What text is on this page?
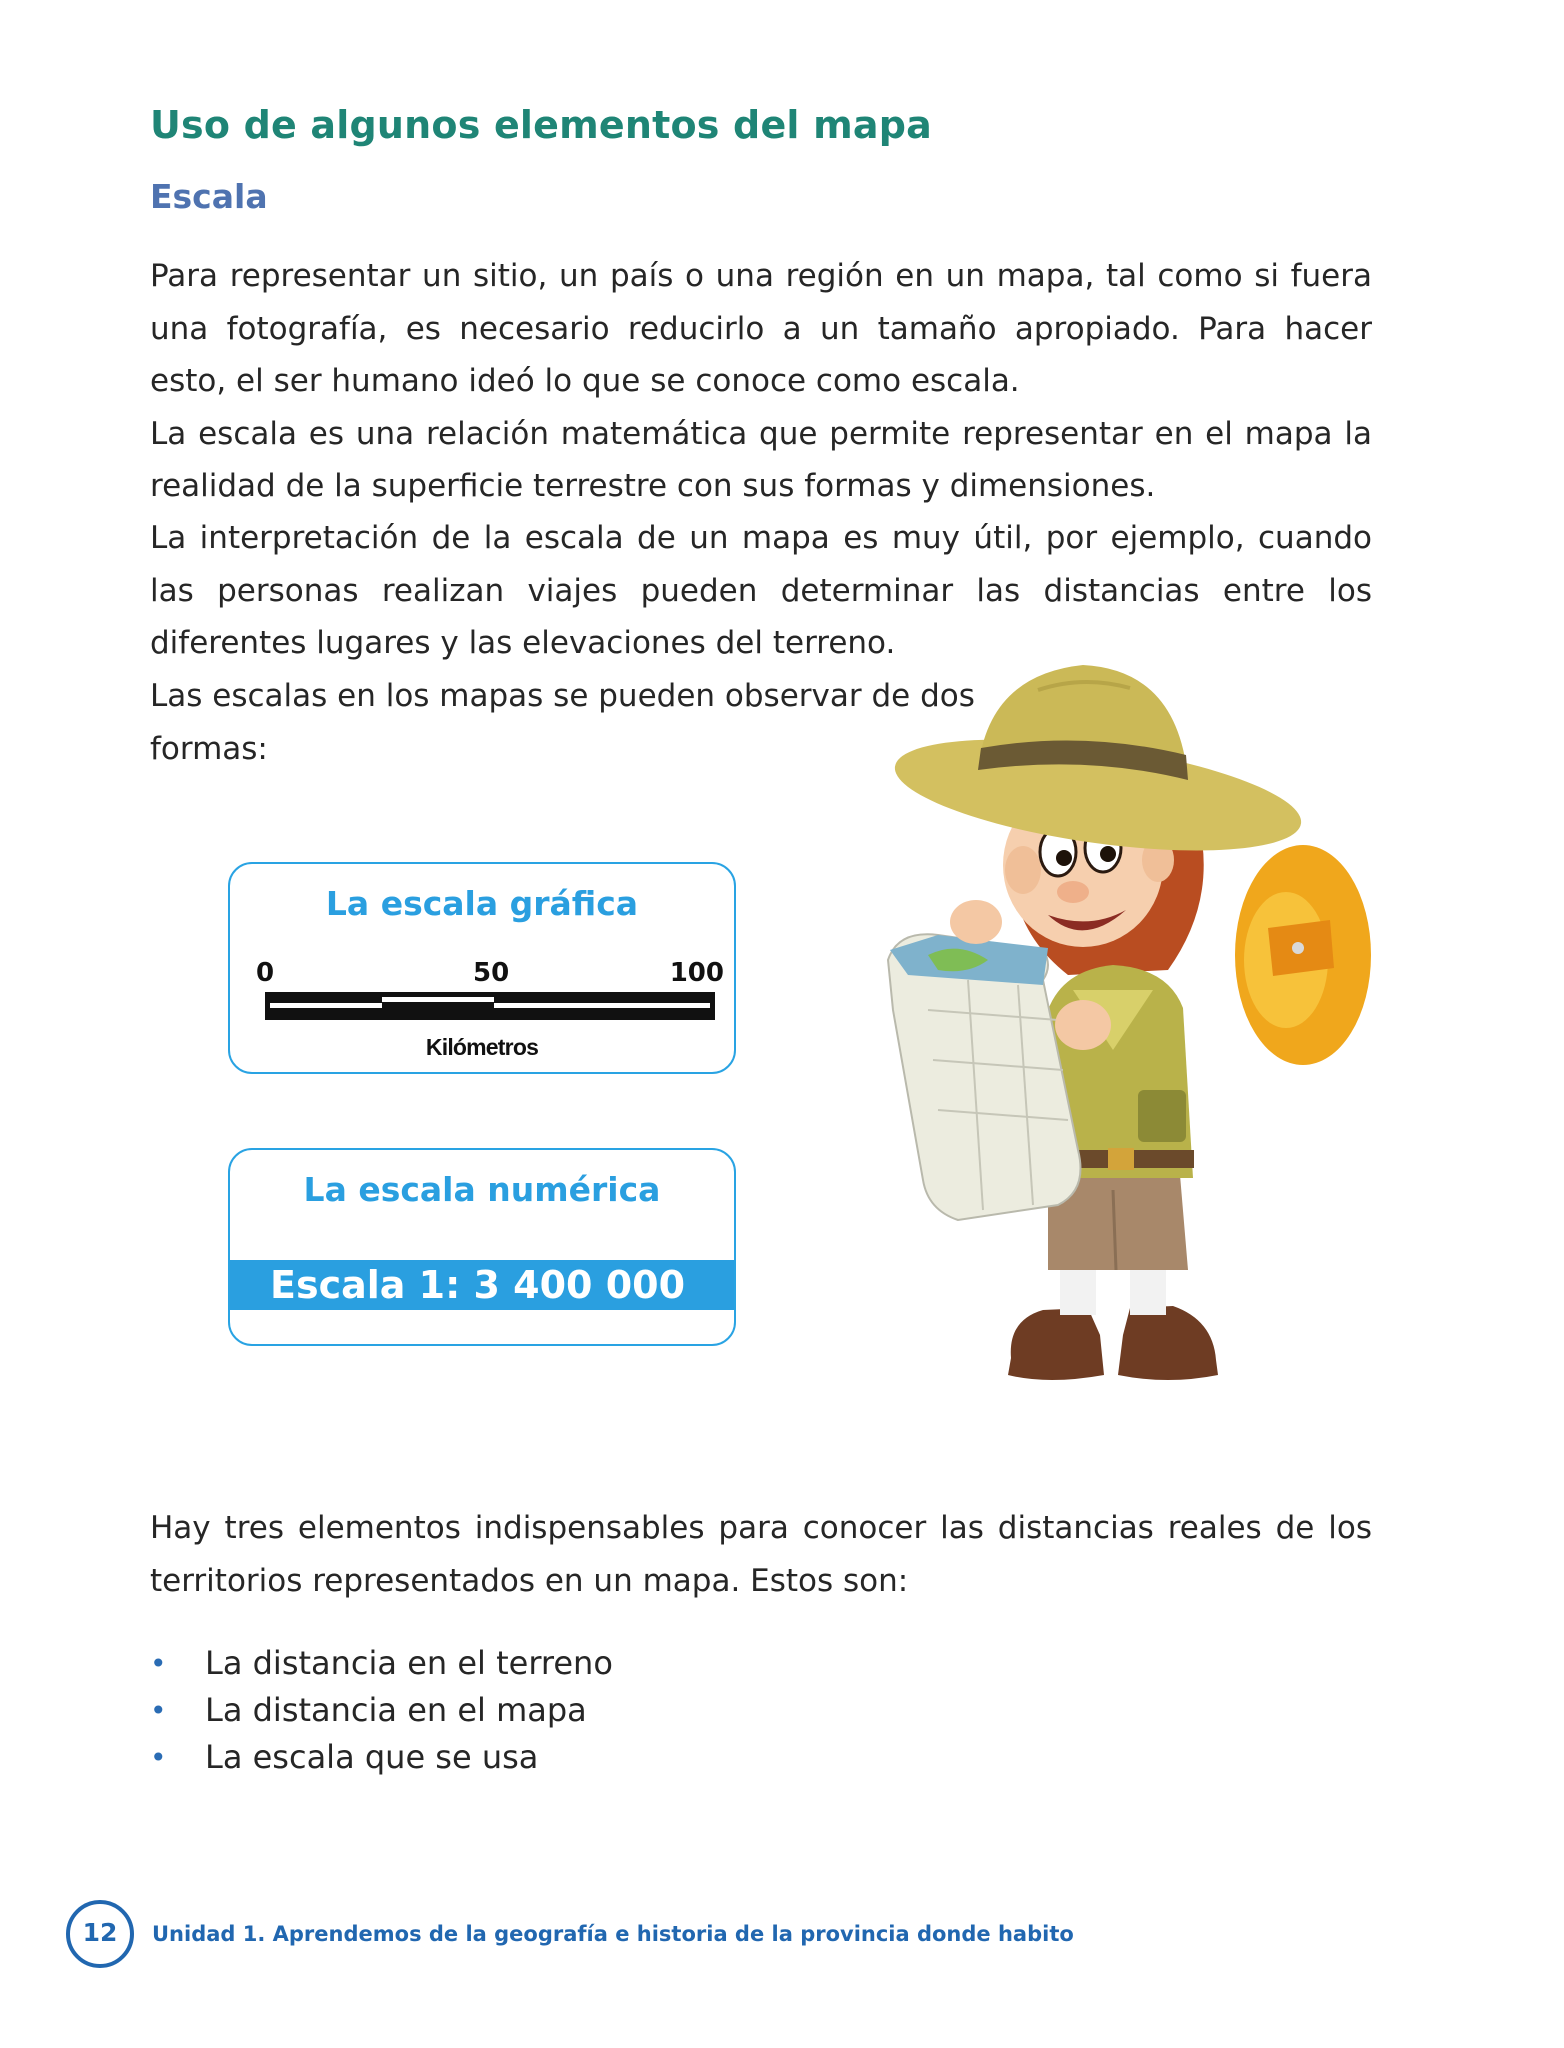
Uso de algunos elementos del mapa
Escala

Para representar un sitio, un país o una región en un mapa, tal como si fuera una fotografía, es necesario reducirlo a un tamaño apropiado. Para hacer esto, el ser humano ideó lo que se conoce como escala.

La escala es una relación matemática que permite representar en el mapa la realidad de la superficie terrestre con sus formas y dimensiones.

La interpretación de la escala de un mapa es muy útil, por ejemplo, cuando las personas realizan viajes pueden determinar las distancias entre los diferentes lugares y las elevaciones del terreno.

Las escalas en los mapas se pueden observar de dos formas:

La escala gráfica
0	50	100
Kilómetros
La escala numérica
Escala 1: 3 400 000

Hay tres elementos indispensables para conocer las distancias reales de los territorios representados en un mapa. Estos son:

• La distancia en el terreno
• La distancia en el mapa
• La escala que se usa
12	Unidad 1. Aprendemos de la geografía e historia de la provincia donde habito
